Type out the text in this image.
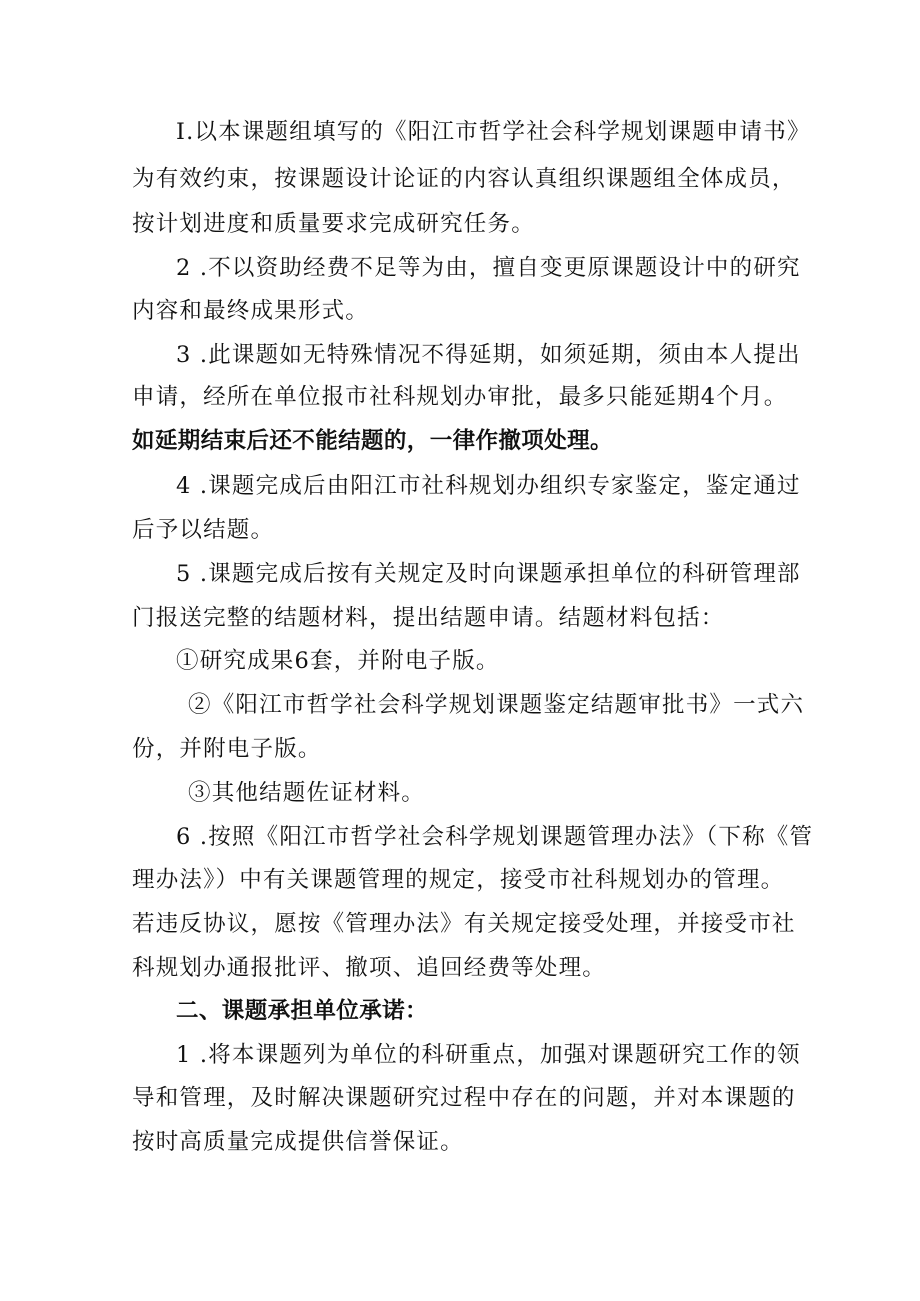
I.以本课题组填写的《阳江市哲学社会科学规划课题申请书》
为有效约束，按课题设计论证的内容认真组织课题组全体成员，
按计划进度和质量要求完成研究任务。
2 .不以资助经费不足等为由，擅自变更原课题设计中的研究
内容和最终成果形式。
3 .此课题如无特殊情况不得延期，如须延期，须由本人提出
申请，经所在单位报市社科规划办审批，最多只能延期4个月。
如延期结束后还不能结题的，一律作撤项处理。
4 .课题完成后由阳江市社科规划办组织专家鉴定，鉴定通过
后予以结题。
5 .课题完成后按有关规定及时向课题承担单位的科研管理部
门报送完整的结题材料，提出结题申请。结题材料包括：
①研究成果6套，并附电子版。
②《阳江市哲学社会科学规划课题鉴定结题审批书》一式六
份，并附电子版。
③其他结题佐证材料。
6 .按照《阳江市哲学社会科学规划课题管理办法》（下称《管
理办法》）中有关课题管理的规定，接受市社科规划办的管理。
若违反协议，愿按《管理办法》有关规定接受处理，并接受市社
科规划办通报批评、撤项、追回经费等处理。
二、课题承担单位承诺：
1 .将本课题列为单位的科研重点，加强对课题研究工作的领
导和管理，及时解决课题研究过程中存在的问题，并对本课题的
按时高质量完成提供信誉保证。
